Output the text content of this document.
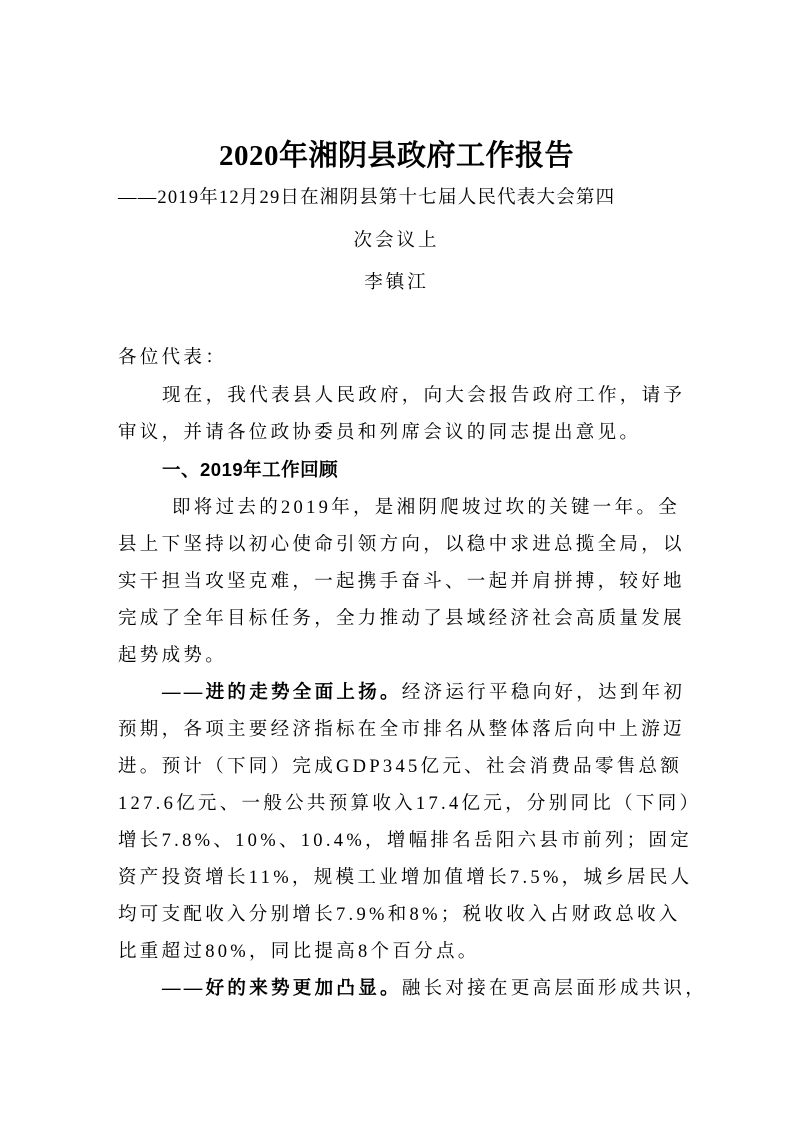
2020年湘阴县政府工作报告
——2019年12月29日在湘阴县第十七届人民代表大会第四
次会议上
李镇江
各位代表：
现在，我代表县人民政府，向大会报告政府工作，请予
审议，并请各位政协委员和列席会议的同志提出意见。
一、2019年工作回顾
即将过去的2019年，是湘阴爬坡过坎的关键一年。全
县上下坚持以初心使命引领方向，以稳中求进总揽全局，以
实干担当攻坚克难，一起携手奋斗、一起并肩拼搏，较好地
完成了全年目标任务，全力推动了县域经济社会高质量发展
起势成势。
——进的走势全面上扬。经济运行平稳向好，达到年初
预期，各项主要经济指标在全市排名从整体落后向中上游迈
进。预计（下同）完成GDP345亿元、社会消费品零售总额
127.6亿元、一般公共预算收入17.4亿元，分别同比（下同）
增长7.8%、10%、10.4%，增幅排名岳阳六县市前列；固定
资产投资增长11%，规模工业增加值增长7.5%，城乡居民人
均可支配收入分别增长7.9%和8%；税收收入占财政总收入
比重超过80%，同比提高8个百分点。
——好的来势更加凸显。融长对接在更高层面形成共识，
